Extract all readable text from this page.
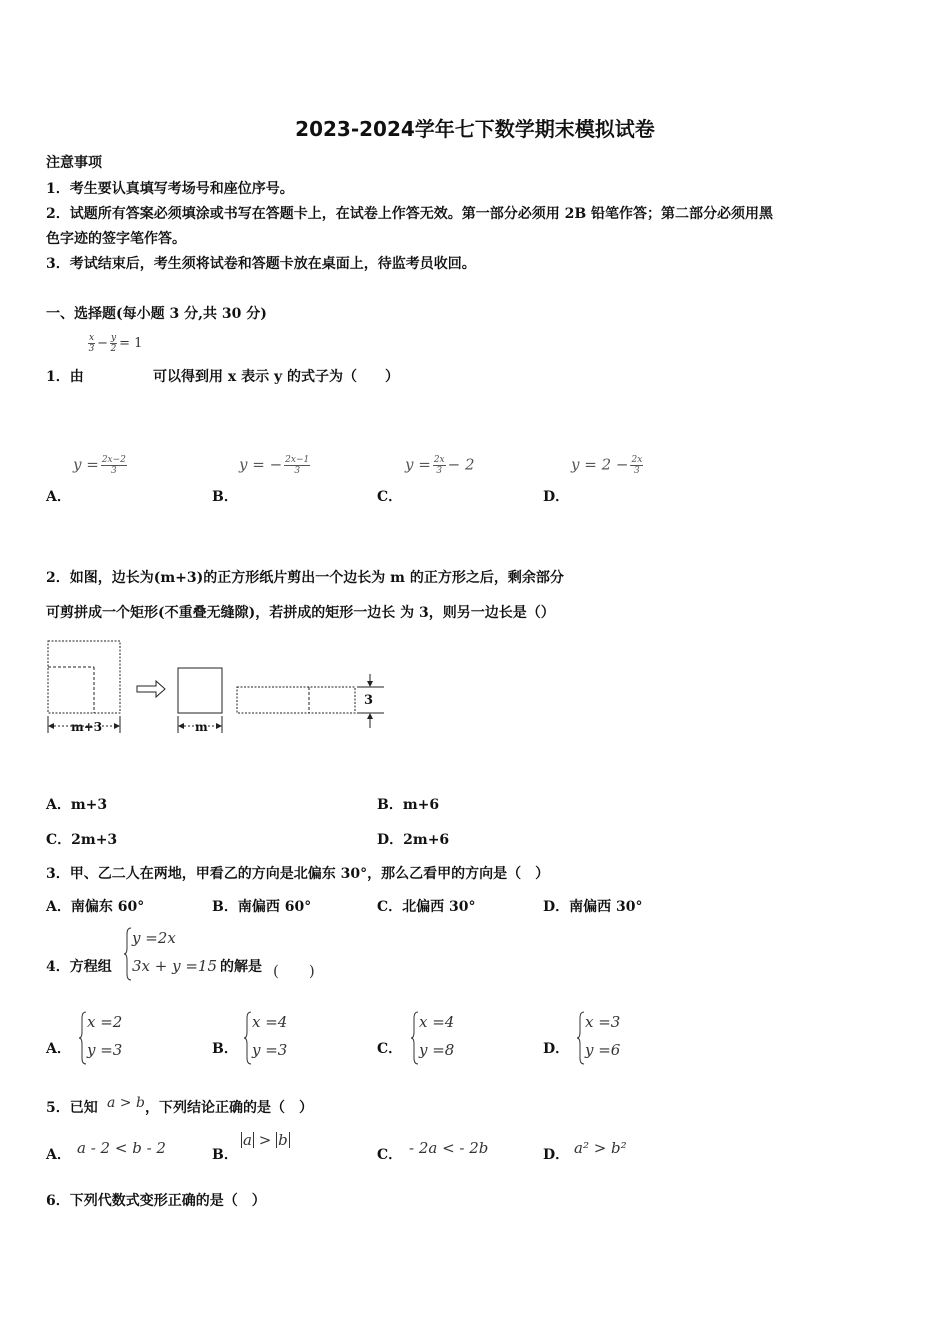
2023-2024学年七下数学期末模拟试卷
注意事项
1．考生要认真填写考场号和座位序号。
2．试题所有答案必须填涂或书写在答题卡上，在试卷上作答无效。第一部分必须用 2B 铅笔作答；第二部分必须用黑
色字迹的签字笔作答。
3．考试结束后，考生须将试卷和答题卡放在桌面上，待监考员收回。
一、选择题(每小题 3 分,共 30 分)
$\frac{x}{3} - \frac{y}{2} = 1$
1．由	可以得到用 x 表示 y 的式子为（　　）
$y = \frac{2x-2}{3}$	y = − $\frac{2x-1}{3}$	$y = \frac{2x}{3} - 2$	$y = 2 - \frac{2x}{3}$
A．	B．	C．	D．
2．如图，边长为(m+3)的正方形纸片剪出一个边长为 m 的正方形之后，剩余部分
可剪拼成一个矩形(不重叠无缝隙)，若拼成的矩形一边长 为 3，则另一边长是（）
m+3	m
3
A．m+3	B．m+6
C．2m+3	D．2m+6
3．甲、乙二人在两地，甲看乙的方向是北偏东 30°，那么乙看甲的方向是（　）
A．南偏东 60°	B．南偏西 60°	C．北偏西 30°	D．南偏西 30°
4．方程组
y =2x
3x + y =15 的解是 (　　)
A．
x =2
y =3	B．
x =4
y =3	C．
x =4
y =8	D．
x =3
y =6
5．已知 a > b ，下列结论正确的是（　）
A． a - 2 < b - 2	B．
a > b
C． - 2a < - 2b	D． a² > b²
6．下列代数式变形正确的是（　）
